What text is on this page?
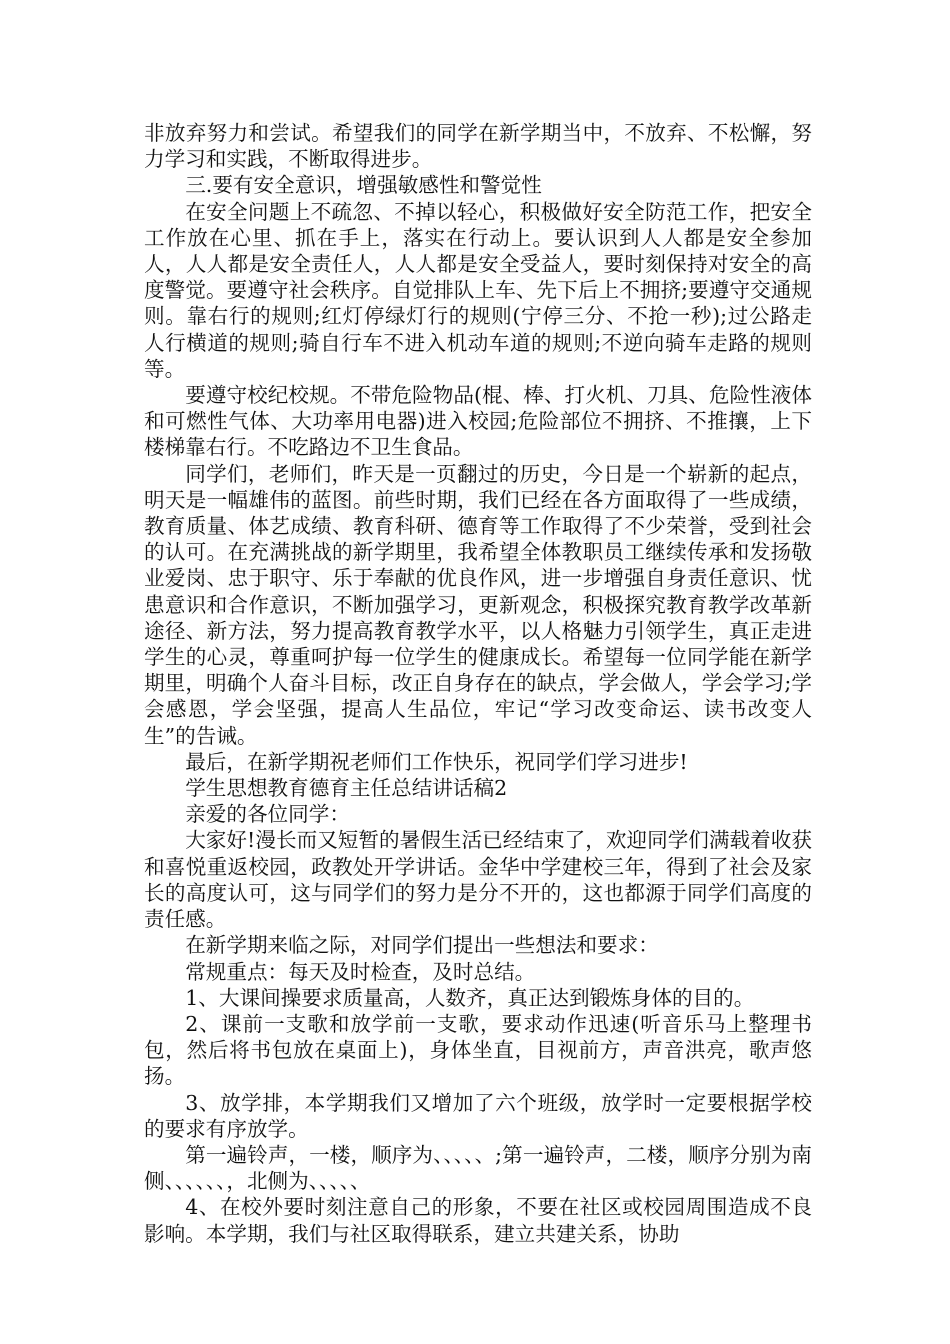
非放弃努力和尝试。希望我们的同学在新学期当中，不放弃、不松懈，努力学习和实践，不断取得进步。

三.要有安全意识，增强敏感性和警觉性

在安全问题上不疏忽、不掉以轻心，积极做好安全防范工作，把安全工作放在心里、抓在手上，落实在行动上。要认识到人人都是安全参加人，人人都是安全责任人，人人都是安全受益人，要时刻保持对安全的高度警觉。要遵守社会秩序。自觉排队上车、先下后上不拥挤;要遵守交通规则。靠右行的规则;红灯停绿灯行的规则(宁停三分、不抢一秒);过公路走人行横道的规则;骑自行车不进入机动车道的规则;不逆向骑车走路的规则等。

要遵守校纪校规。不带危险物品(棍、棒、打火机、刀具、危险性液体和可燃性气体、大功率用电器)进入校园;危险部位不拥挤、不推攘，上下楼梯靠右行。不吃路边不卫生食品。

同学们，老师们，昨天是一页翻过的历史，今日是一个崭新的起点，明天是一幅雄伟的蓝图。前些时期，我们已经在各方面取得了一些成绩，教育质量、体艺成绩、教育科研、德育等工作取得了不少荣誉，受到社会的认可。在充满挑战的新学期里，我希望全体教职员工继续传承和发扬敬业爱岗、忠于职守、乐于奉献的优良作风，进一步增强自身责任意识、忧患意识和合作意识，不断加强学习，更新观念，积极探究教育教学改革新途径、新方法，努力提高教育教学水平，以人格魅力引领学生，真正走进学生的心灵，尊重呵护每一位学生的健康成长。希望每一位同学能在新学期里，明确个人奋斗目标，改正自身存在的缺点，学会做人，学会学习;学会感恩，学会坚强，提高人生品位，牢记“学习改变命运、读书改变人生”的告诫。

最后，在新学期祝老师们工作快乐，祝同学们学习进步!

学生思想教育德育主任总结讲话稿2

亲爱的各位同学：

大家好!漫长而又短暂的暑假生活已经结束了，欢迎同学们满载着收获和喜悦重返校园，政教处开学讲话。金华中学建校三年，得到了社会及家长的高度认可，这与同学们的努力是分不开的，这也都源于同学们高度的责任感。

在新学期来临之际，对同学们提出一些想法和要求：

常规重点：每天及时检查，及时总结。

1、大课间操要求质量高，人数齐，真正达到锻炼身体的目的。

2、课前一支歌和放学前一支歌，要求动作迅速(听音乐马上整理书包，然后将书包放在桌面上)，身体坐直，目视前方，声音洪亮，歌声悠扬。

3、放学排，本学期我们又增加了六个班级，放学时一定要根据学校的要求有序放学。

第一遍铃声，一楼，顺序为、、、、、;第一遍铃声，二楼，顺序分别为南侧、、、、、、，北侧为、、、、、

4、在校外要时刻注意自己的形象，不要在社区或校园周围造成不良影响。本学期，我们与社区取得联系，建立共建关系，协助
